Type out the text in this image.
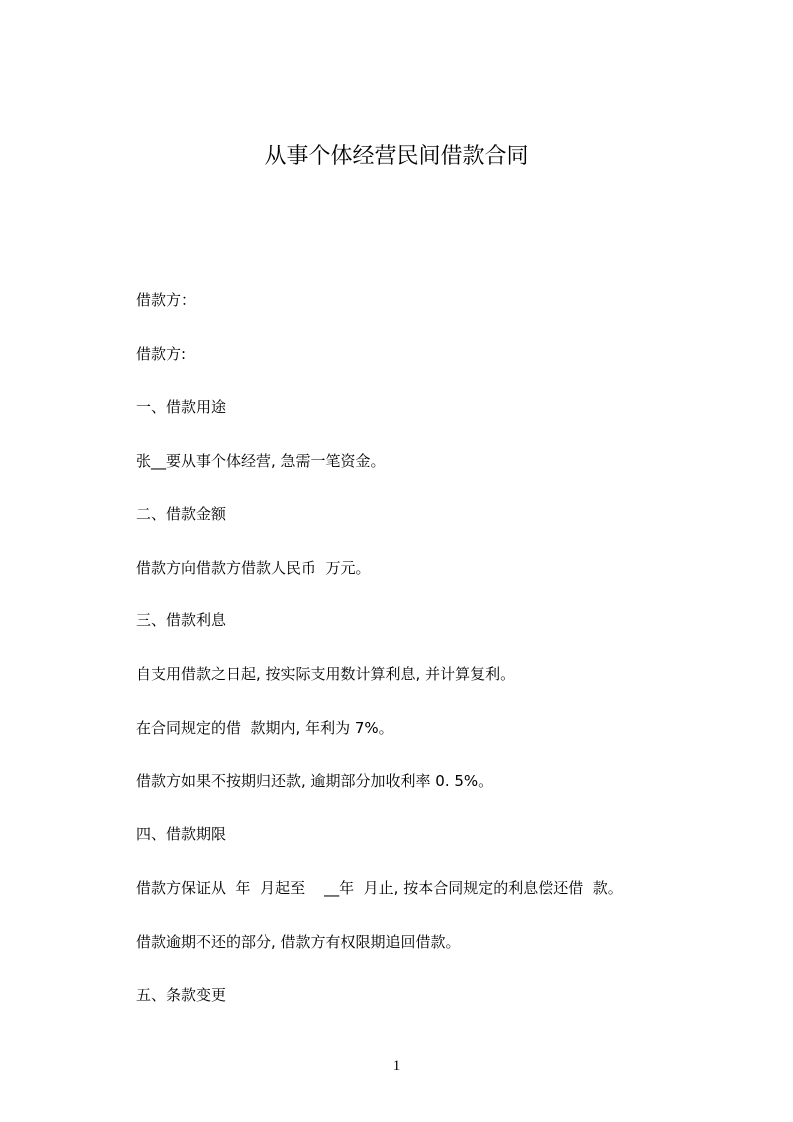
从事个体经营民间借款合同

借款方：

借款方:

一、借款用途

张__要从事个体经营, 急需一笔资金。

二、借款金额

借款方向借款方借款人民币  万元。

三、借款利息

自支用借款之日起, 按实际支用数计算利息, 并计算复利。

在合同规定的借  款期内, 年利为 7%。

借款方如果不按期归还款, 逾期部分加收利率 0. 5%。

四、借款期限

借款方保证从  年  月起至    __年  月止, 按本合同规定的利息偿还借  款。

借款逾期不还的部分, 借款方有权限期追回借款。

五、条款变更

1
